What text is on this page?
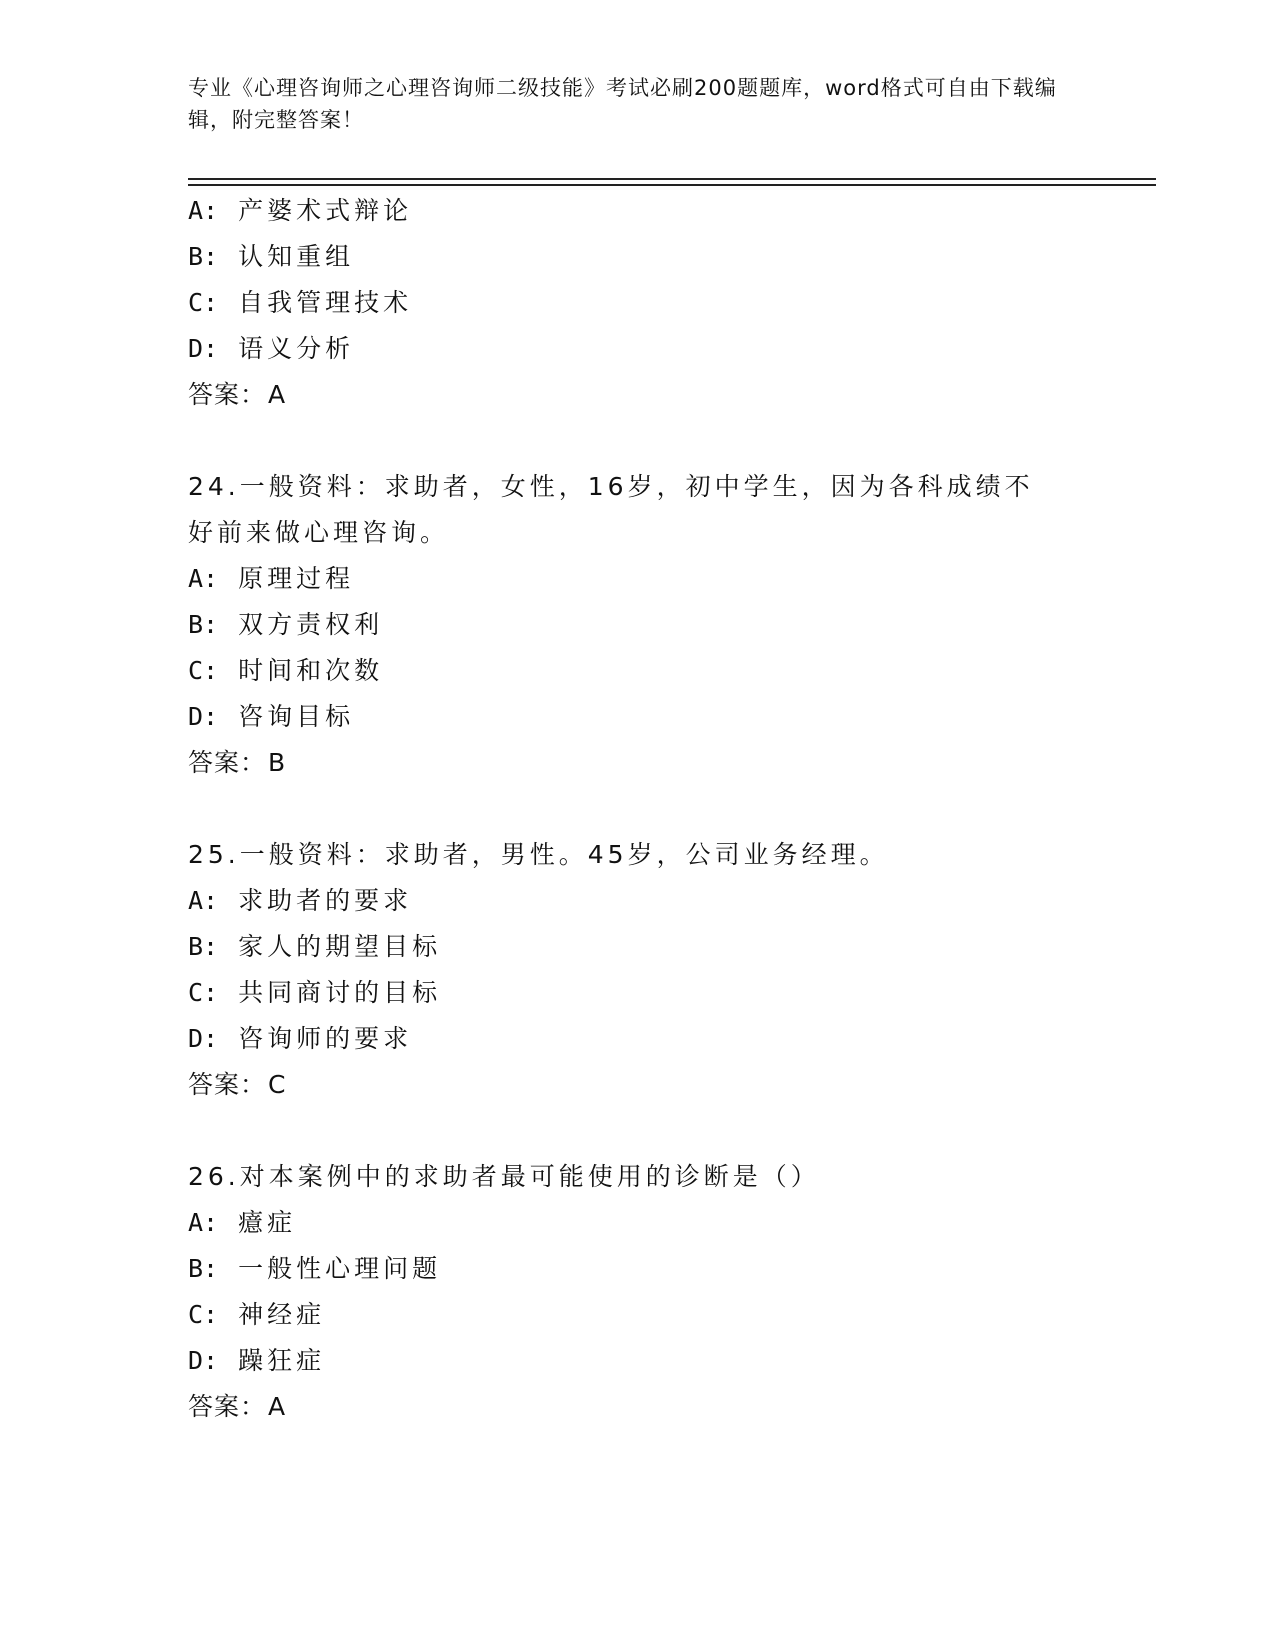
专业《心理咨询师之心理咨询师二级技能》考试必刷200题题库，word格式可自由下载编辑，附完整答案！
A: 产婆术式辩论
B: 认知重组
C: 自我管理技术
D: 语义分析
答案：A
24.一般资料：求助者，女性，16岁，初中学生，因为各科成绩不好前来做心理咨询。
A: 原理过程
B: 双方责权利
C: 时间和次数
D: 咨询目标
答案：B
25.一般资料：求助者，男性。45岁，公司业务经理。
A: 求助者的要求
B: 家人的期望目标
C: 共同商讨的目标
D: 咨询师的要求
答案：C
26.对本案例中的求助者最可能使用的诊断是（）
A: 癔症
B: 一般性心理问题
C: 神经症
D: 躁狂症
答案：A
